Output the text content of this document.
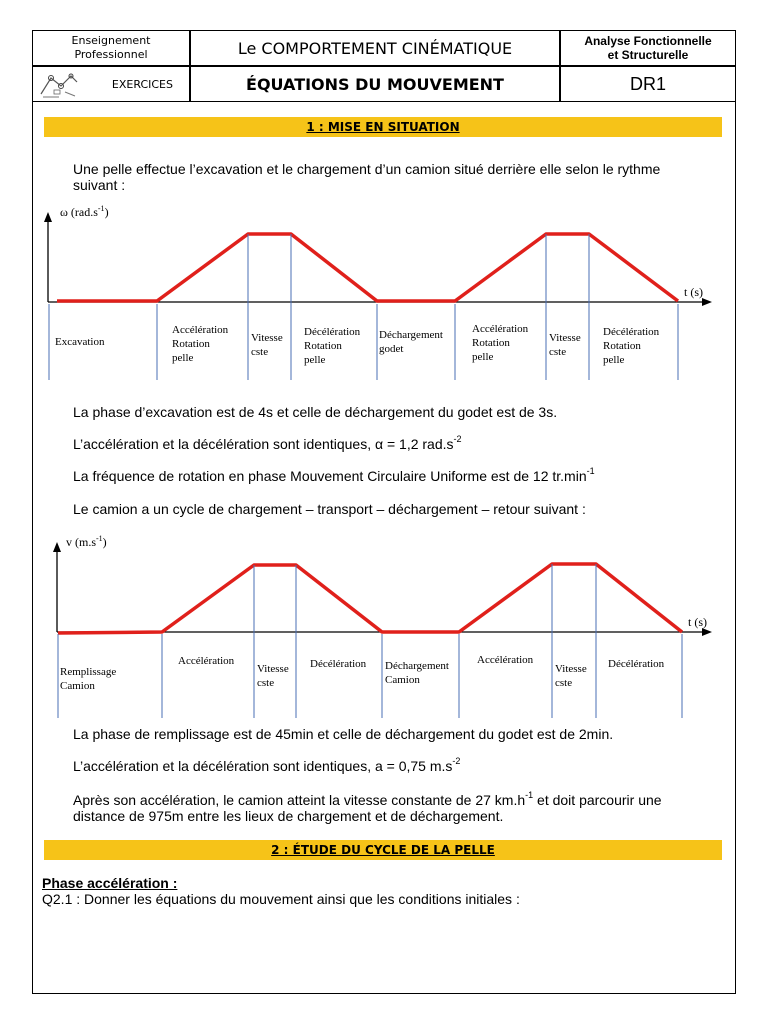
Enseignement
Professionnel
EXERCICES
Le COMPORTEMENT CINÉMATIQUE
ÉQUATIONS DU MOUVEMENT
Analyse Fonctionnelle
et Structurelle
DR1
1 : MISE EN SITUATION
Une pelle effectue l’excavation et le chargement d’un camion situé derrière elle selon le rythme
suivant :
ω $(rad.s^{-1})$
t (s)
Excavation
Accélération Rotation pelle
Vitesse cste
Décélération Rotation pelle
Déchargement godet
Accélération Rotation pelle
Vitesse cste
Décélération Rotation pelle
La phase d’excavation est de 4s et celle de déchargement du godet est de 3s.
L’accélération et la décélération sont identiques, α = 1,2 $rad.s^{-2}$
La fréquence de rotation en phase Mouvement Circulaire Uniforme est de 12 $tr.\min^{-1}$
Le camion a un cycle de chargement – transport – déchargement – retour suivant :
v $(m.s^{-1})$
t (s)
Remplissage Camion
Accélération
Vitesse cste
Décélération Déchargement Camion
Accélération
Vitesse cste
Décélération
La phase de remplissage est de 45min et celle de déchargement du godet est de 2min.
L’accélération et la décélération sont identiques, a = 0,75 $m.s^{-2}$
Après son accélération, le camion atteint la vitesse constante de 27 $km.h^{-1}$ et doit parcourir une
distance de 975m entre les lieux de chargement et de déchargement.
2 : ÉTUDE DU CYCLE DE LA PELLE
Phase accélération :
Q2.1 : Donner les équations du mouvement ainsi que les conditions initiales :
